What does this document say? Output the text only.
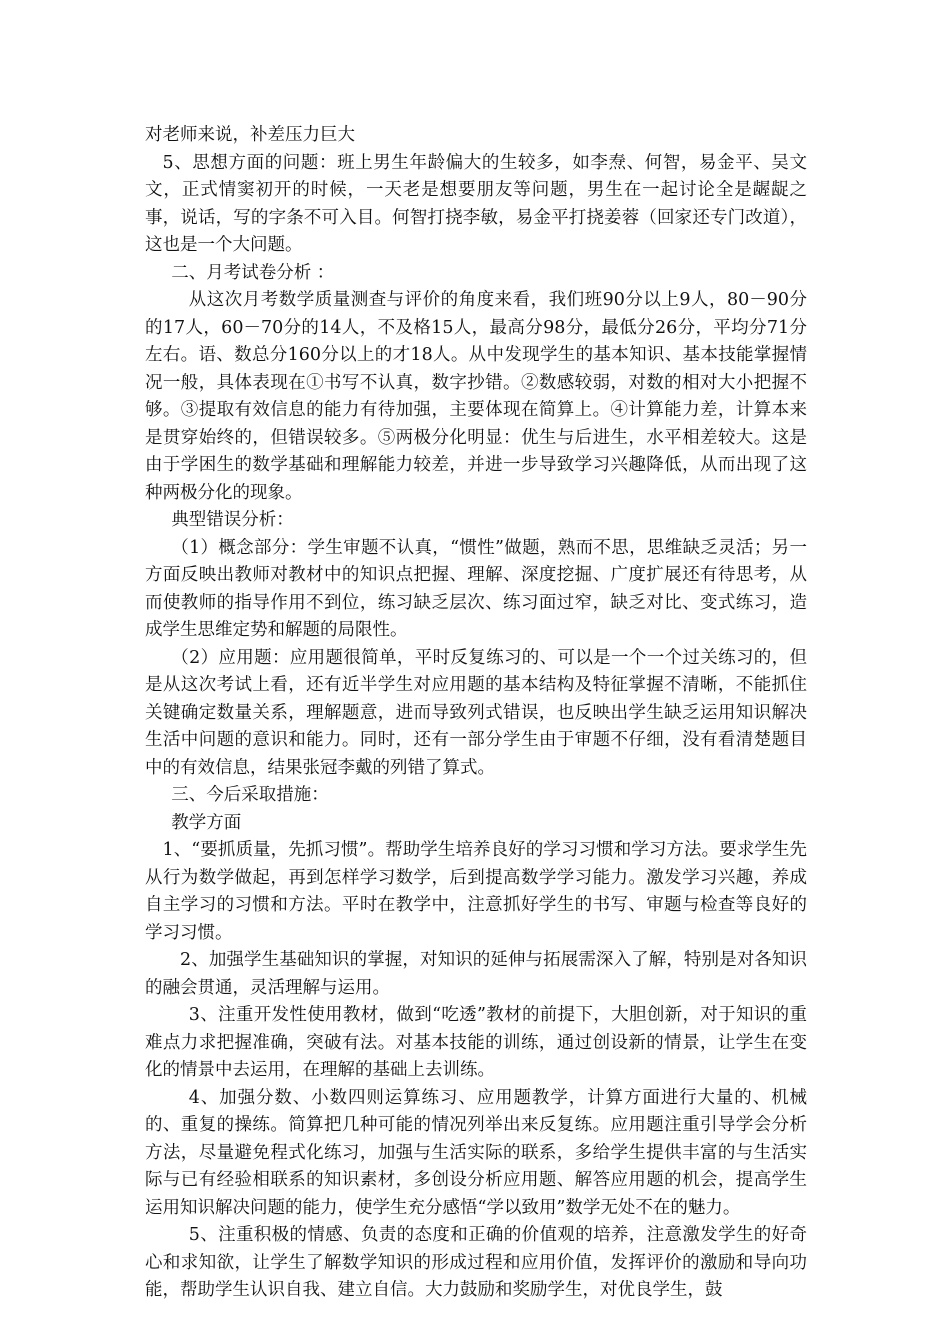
对老师来说，补差压力巨大

5、思想方面的问题：班上男生年龄偏大的生较多，如李焘、何智，易金平、吴文文，正式情窦初开的时候，一天老是想要朋友等问题，男生在一起讨论全是龌龊之事，说话，写的字条不可入目。何智打挠李敏，易金平打挠姜蓉（回家还专门改道），这也是一个大问题。

二、月考试卷分析 ：

从这次月考数学质量测查与评价的角度来看，我们班90分以上9人，80－90分的17人，60－70分的14人，不及格15人，最高分98分，最低分26分，平均分71分左右。语、数总分160分以上的才18人。从中发现学生的基本知识、基本技能掌握情况一般，具体表现在①书写不认真，数字抄错。②数感较弱，对数的相对大小把握不够。③提取有效信息的能力有待加强，主要体现在简算上。④计算能力差，计算本来是贯穿始终的，但错误较多。⑤两极分化明显：优生与后进生，水平相差较大。这是由于学困生的数学基础和理解能力较差，并进一步导致学习兴趣降低，从而出现了这种两极分化的现象。

典型错误分析：

（1）概念部分：学生审题不认真，“惯性”做题，熟而不思，思维缺乏灵活；另一方面反映出教师对教材中的知识点把握、理解、深度挖掘、广度扩展还有待思考，从而使教师的指导作用不到位，练习缺乏层次、练习面过窄，缺乏对比、变式练习，造成学生思维定势和解题的局限性。

（2）应用题：应用题很简单，平时反复练习的、可以是一个一个过关练习的，但是从这次考试上看，还有近半学生对应用题的基本结构及特征掌握不清晰，不能抓住关键确定数量关系，理解题意，进而导致列式错误，也反映出学生缺乏运用知识解决生活中问题的意识和能力。同时，还有一部分学生由于审题不仔细，没有看清楚题目中的有效信息，结果张冠李戴的列错了算式。

三、今后采取措施：

教学方面

1、“要抓质量，先抓习惯”。帮助学生培养良好的学习习惯和学习方法。要求学生先从行为数学做起，再到怎样学习数学，后到提高数学学习能力。激发学习兴趣，养成自主学习的习惯和方法。平时在教学中，注意抓好学生的书写、审题与检查等良好的学习习惯。

2、加强学生基础知识的掌握，对知识的延伸与拓展需深入了解，特别是对各知识的融会贯通，灵活理解与运用。

3、注重开发性使用教材，做到“吃透”教材的前提下，大胆创新，对于知识的重难点力求把握准确，突破有法。对基本技能的训练，通过创设新的情景，让学生在变化的情景中去运用，在理解的基础上去训练。

4、加强分数、小数四则运算练习、应用题教学，计算方面进行大量的、机械的、重复的操练。简算把几种可能的情况列举出来反复练。应用题注重引导学会分析方法，尽量避免程式化练习，加强与生活实际的联系，多给学生提供丰富的与生活实际与已有经验相联系的知识素材，多创设分析应用题、解答应用题的机会，提高学生运用知识解决问题的能力，使学生充分感悟“学以致用”数学无处不在的魅力。

5、注重积极的情感、负责的态度和正确的价值观的培养，注意激发学生的好奇心和求知欲，让学生了解数学知识的形成过程和应用价值，发挥评价的激励和导向功能，帮助学生认识自我、建立自信。大力鼓励和奖励学生，对优良学生，鼓
